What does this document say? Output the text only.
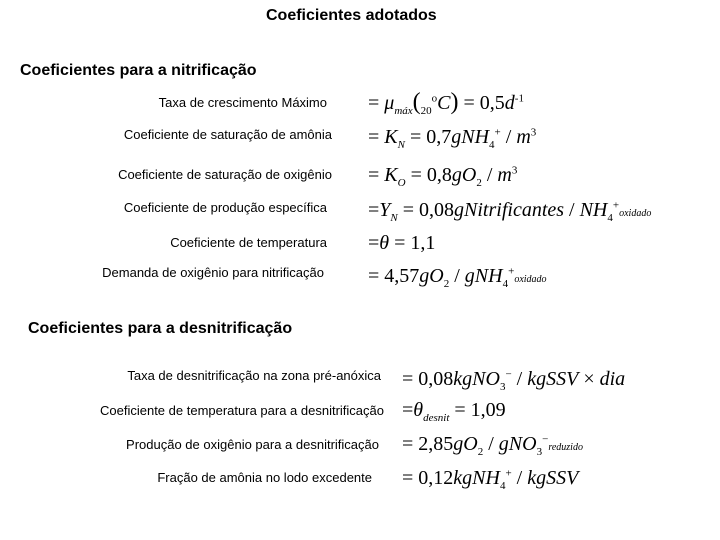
Coeficientes adotados
Coeficientes para a nitrificação
Taxa de crescimento Máximo
Coeficiente de saturação de amônia
Coeficiente de saturação de oxigênio
Coeficiente de produção específica
Coeficiente de temperatura
Demanda de oxigênio para nitrificação
= $\mu_{máx}(_{20}^oC) = 0,5d^{-1}$
= $K_N = 0,7gNH_4^+ / m^3$
= $K_O = 0,8gO_2 / m^3$
$=Y_N$ = 0,08gNitrificantes / $NH_4^+oxidado$
=θ = 1,1
= $4,57gO_2$ / gNH$_4$+oxidado
Coeficientes para a desnitrificação
Taxa de desnitrificação na zona pré-anóxica
Coeficiente de temperatura para a desnitrificação
Produção de oxigênio para a desnitrificação
Fração de amônia no lodo excedente
= 0,08kgNO$_3$− / kgSSV × dia
$=\theta_{desnit} = 1,09$
= $2,85gO_2$ / gNO$_3$−reduzido
= 0,12kgNH$_4$+ / kgSSV
